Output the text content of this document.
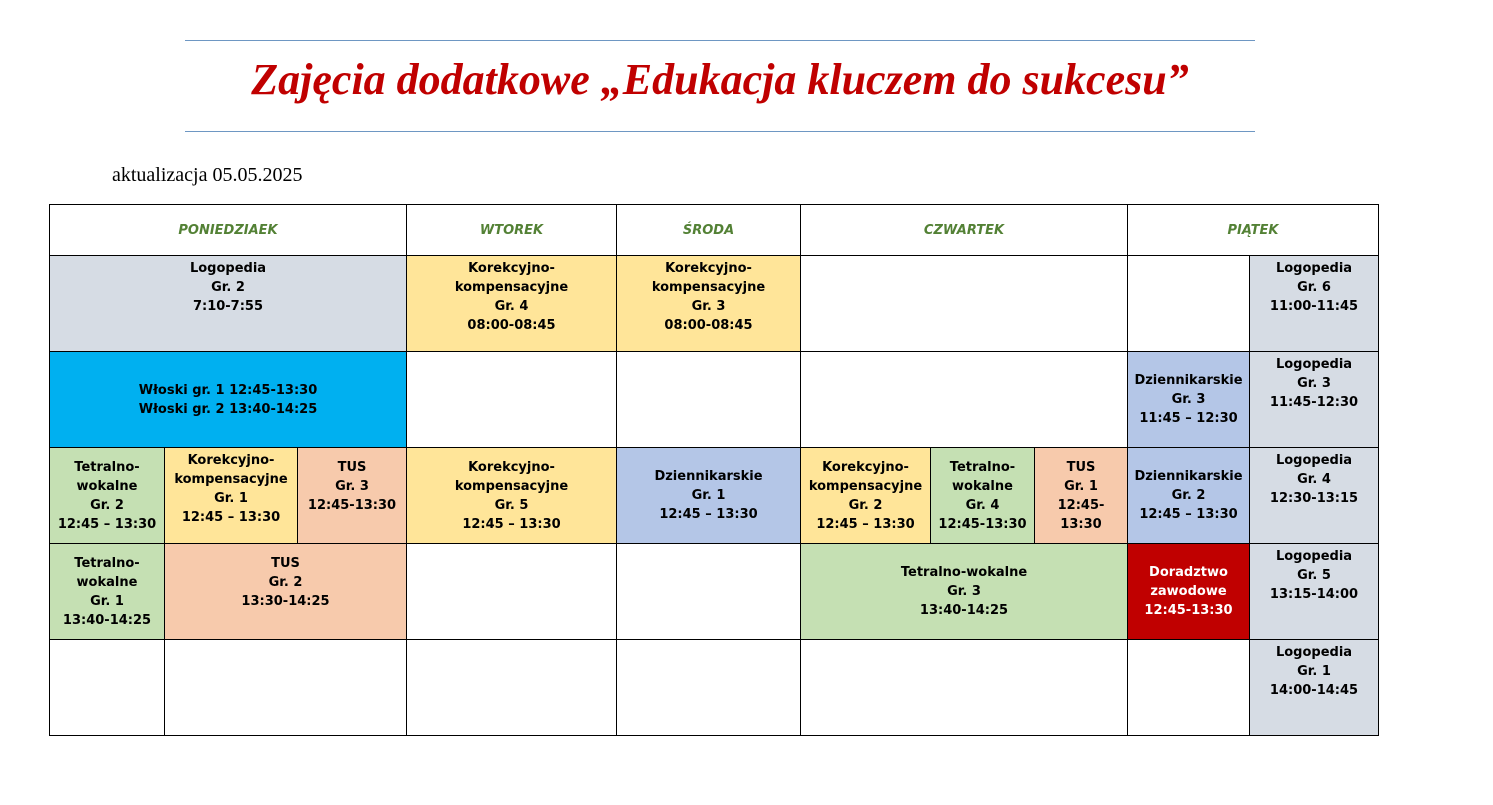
Zajęcia dodatkowe „Edukacja kluczem do sukcesu”
aktualizacja 05.05.2025
PONIEDZIAEK			WTOREK	ŚRODA	CZWARTEK			PIĄTEK	

Logopedia
Gr. 2
7:10-7:55			Korekcyjno-
kompensacyjne
Gr. 4
08:00-08:45	Korekcyjno-
kompensacyjne
Gr. 3
08:00-08:45					Logopedia
Gr. 6
11:00-11:45

Włoski gr. 1 12:45-13:30
Włoski gr. 2 13:40-14:25								Dziennikarskie
Gr. 3
11:45 – 12:30	Logopedia
Gr. 3
11:45-12:30

Tetralno-
wokalne
Gr. 2
12:45 – 13:30	Korekcyjno-
kompensacyjne
Gr. 1
12:45 – 13:30	TUS
Gr. 3
12:45-13:30	Korekcyjno-
kompensacyjne
Gr. 5
12:45 – 13:30	Dziennikarskie
Gr. 1
12:45 – 13:30	Korekcyjno-
kompensacyjne
Gr. 2
12:45 – 13:30	Tetralno-
wokalne
Gr. 4
12:45-13:30	TUS
Gr. 1
12:45-
13:30	Dziennikarskie
Gr. 2
12:45 – 13:30	Logopedia
Gr. 4
12:30-13:15

Tetralno-
wokalne
Gr. 1
13:40-14:25	TUS
Gr. 2
13:30-14:25				Tetralno-wokalne
Gr. 3
13:40-14:25			Doradztwo
zawodowe
12:45-13:30	Logopedia
Gr. 5
13:15-14:00

									Logopedia
Gr. 1
14:00-14:45
